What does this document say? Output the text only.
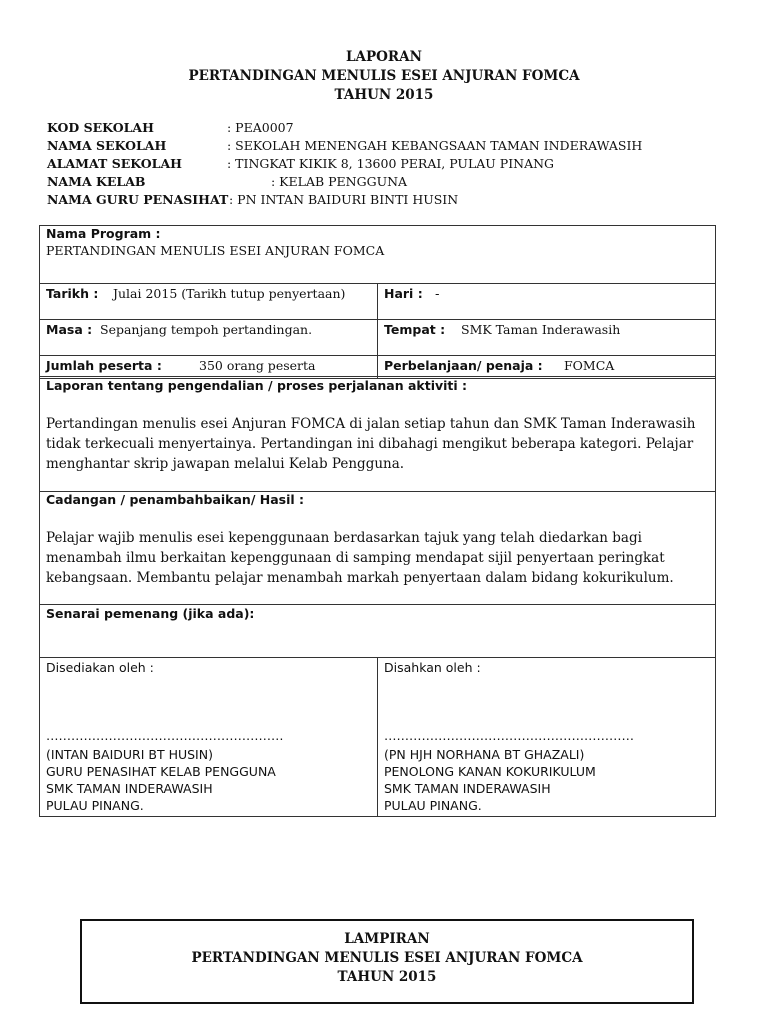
LAPORAN
PERTANDINGAN MENULIS ESEI ANJURAN FOMCA
TAHUN 2015
KOD SEKOLAH	: PEA0007
NAMA SEKOLAH	: SEKOLAH MENENGAH KEBANGSAAN TAMAN INDERAWASIH
ALAMAT SEKOLAH	: TINGKAT KIKIK 8, 13600 PERAI, PULAU PINANG
NAMA KELAB	: KELAB PENGGUNA
NAMA GURU PENASIHAT : PN INTAN BAIDURI BINTI HUSIN
Nama Program :
PERTANDINGAN MENULIS ESEI ANJURAN FOMCA
Tarikh : Julai 2015 (Tarikh tutup penyertaan)	Hari : -
Masa : Sepanjang tempoh pertandingan.	Tempat : SMK Taman Inderawasih
Jumlah peserta :	350 orang peserta	Perbelanjaan/ penaja : FOMCA
Laporan tentang pengendalian / proses perjalanan aktiviti :
Pertandingan menulis esei Anjuran FOMCA di jalan setiap tahun dan SMK Taman Inderawasih
tidak terkecuali menyertainya. Pertandingan ini dibahagi mengikut beberapa kategori. Pelajar
menghantar skrip jawapan melalui Kelab Pengguna.
Cadangan / penambahbaikan/ Hasil :
Pelajar wajib menulis esei kepenggunaan berdasarkan tajuk yang telah diedarkan bagi
menambah ilmu berkaitan kepenggunaan di samping mendapat sijil penyertaan peringkat
kebangsaan. Membantu pelajar menambah markah penyertaan dalam bidang kokurikulum.
Senarai pemenang (jika ada):
Disediakan oleh :
…………………………………………………
(INTAN BAIDURI BT HUSIN)
GURU PENASIHAT KELAB PENGGUNA
SMK TAMAN INDERAWASIH
PULAU PINANG.
Disahkan oleh :
……………………………………………………
(PN HJH NORHANA BT GHAZALI)
PENOLONG KANAN KOKURIKULUM
SMK TAMAN INDERAWASIH
PULAU PINANG.
LAMPIRAN
PERTANDINGAN MENULIS ESEI ANJURAN FOMCA
TAHUN 2015
